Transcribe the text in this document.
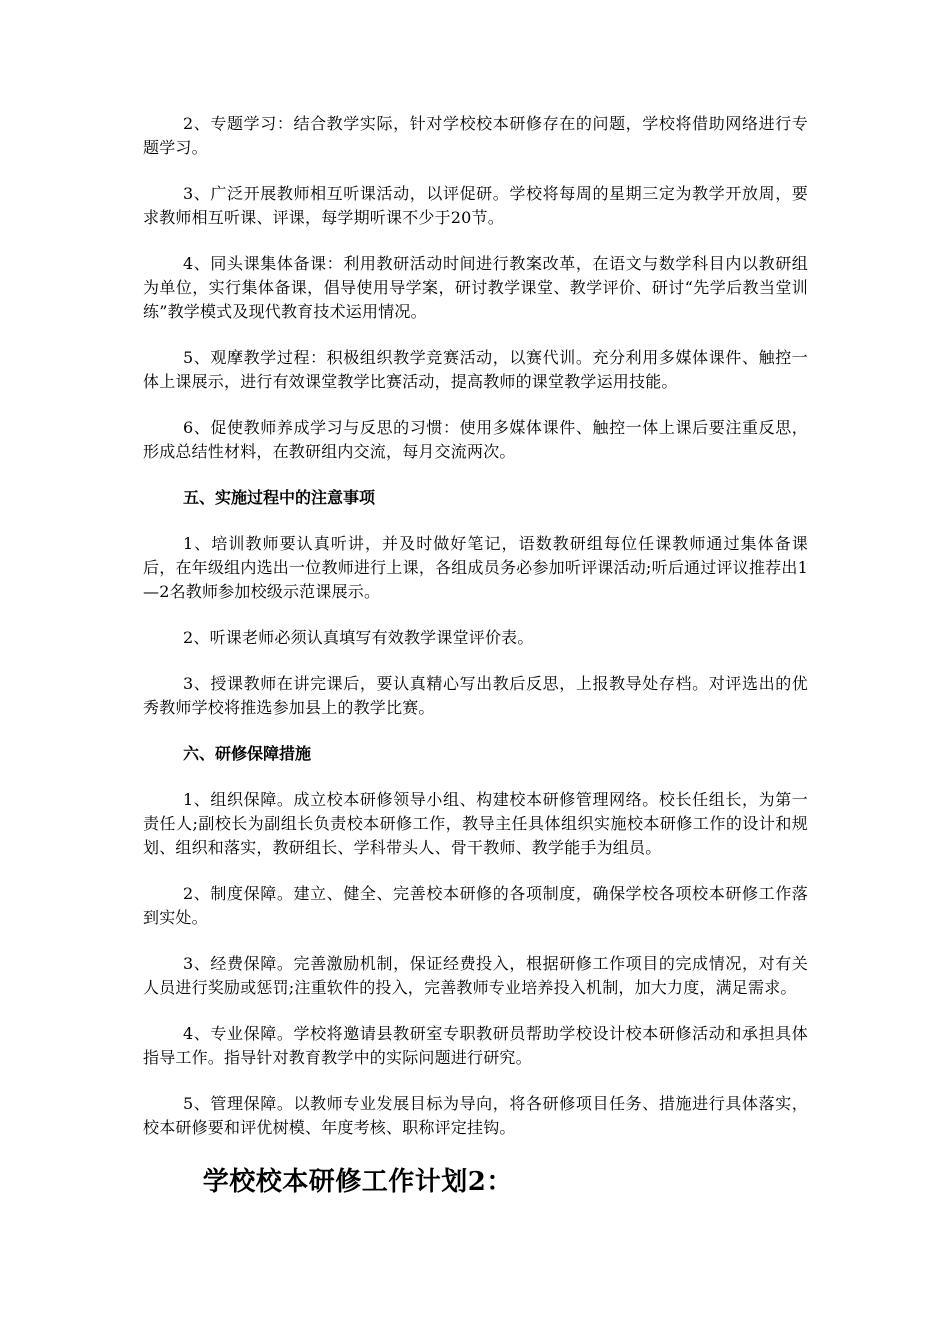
2、专题学习：结合教学实际，针对学校校本研修存在的问题，学校将借助网络进行专题学习。

3、广泛开展教师相互听课活动，以评促研。学校将每周的星期三定为教学开放周，要求教师相互听课、评课，每学期听课不少于20节。

4、同头课集体备课：利用教研活动时间进行教案改革，在语文与数学科目内以教研组为单位，实行集体备课，倡导使用导学案，研讨教学课堂、教学评价、研讨“先学后教当堂训练”教学模式及现代教育技术运用情况。

5、观摩教学过程：积极组织教学竞赛活动，以赛代训。充分利用多媒体课件、触控一体上课展示，进行有效课堂教学比赛活动，提高教师的课堂教学运用技能。

6、促使教师养成学习与反思的习惯：使用多媒体课件、触控一体上课后要注重反思，形成总结性材料，在教研组内交流，每月交流两次。

五、实施过程中的注意事项

1、培训教师要认真听讲，并及时做好笔记，语数教研组每位任课教师通过集体备课后，在年级组内选出一位教师进行上课，各组成员务必参加听评课活动;听后通过评议推荐出1—2名教师参加校级示范课展示。

2、听课老师必须认真填写有效教学课堂评价表。

3、授课教师在讲完课后，要认真精心写出教后反思，上报教导处存档。对评选出的优秀教师学校将推选参加县上的教学比赛。

六、研修保障措施

1、组织保障。成立校本研修领导小组、构建校本研修管理网络。校长任组长，为第一责任人;副校长为副组长负责校本研修工作，教导主任具体组织实施校本研修工作的设计和规划、组织和落实，教研组长、学科带头人、骨干教师、教学能手为组员。

2、制度保障。建立、健全、完善校本研修的各项制度，确保学校各项校本研修工作落到实处。

3、经费保障。完善激励机制，保证经费投入，根据研修工作项目的完成情况，对有关人员进行奖励或惩罚;注重软件的投入，完善教师专业培养投入机制，加大力度，满足需求。

4、专业保障。学校将邀请县教研室专职教研员帮助学校设计校本研修活动和承担具体指导工作。指导针对教育教学中的实际问题进行研究。

5、管理保障。以教师专业发展目标为导向，将各研修项目任务、措施进行具体落实，校本研修要和评优树模、年度考核、职称评定挂钩。

学校校本研修工作计划2：
